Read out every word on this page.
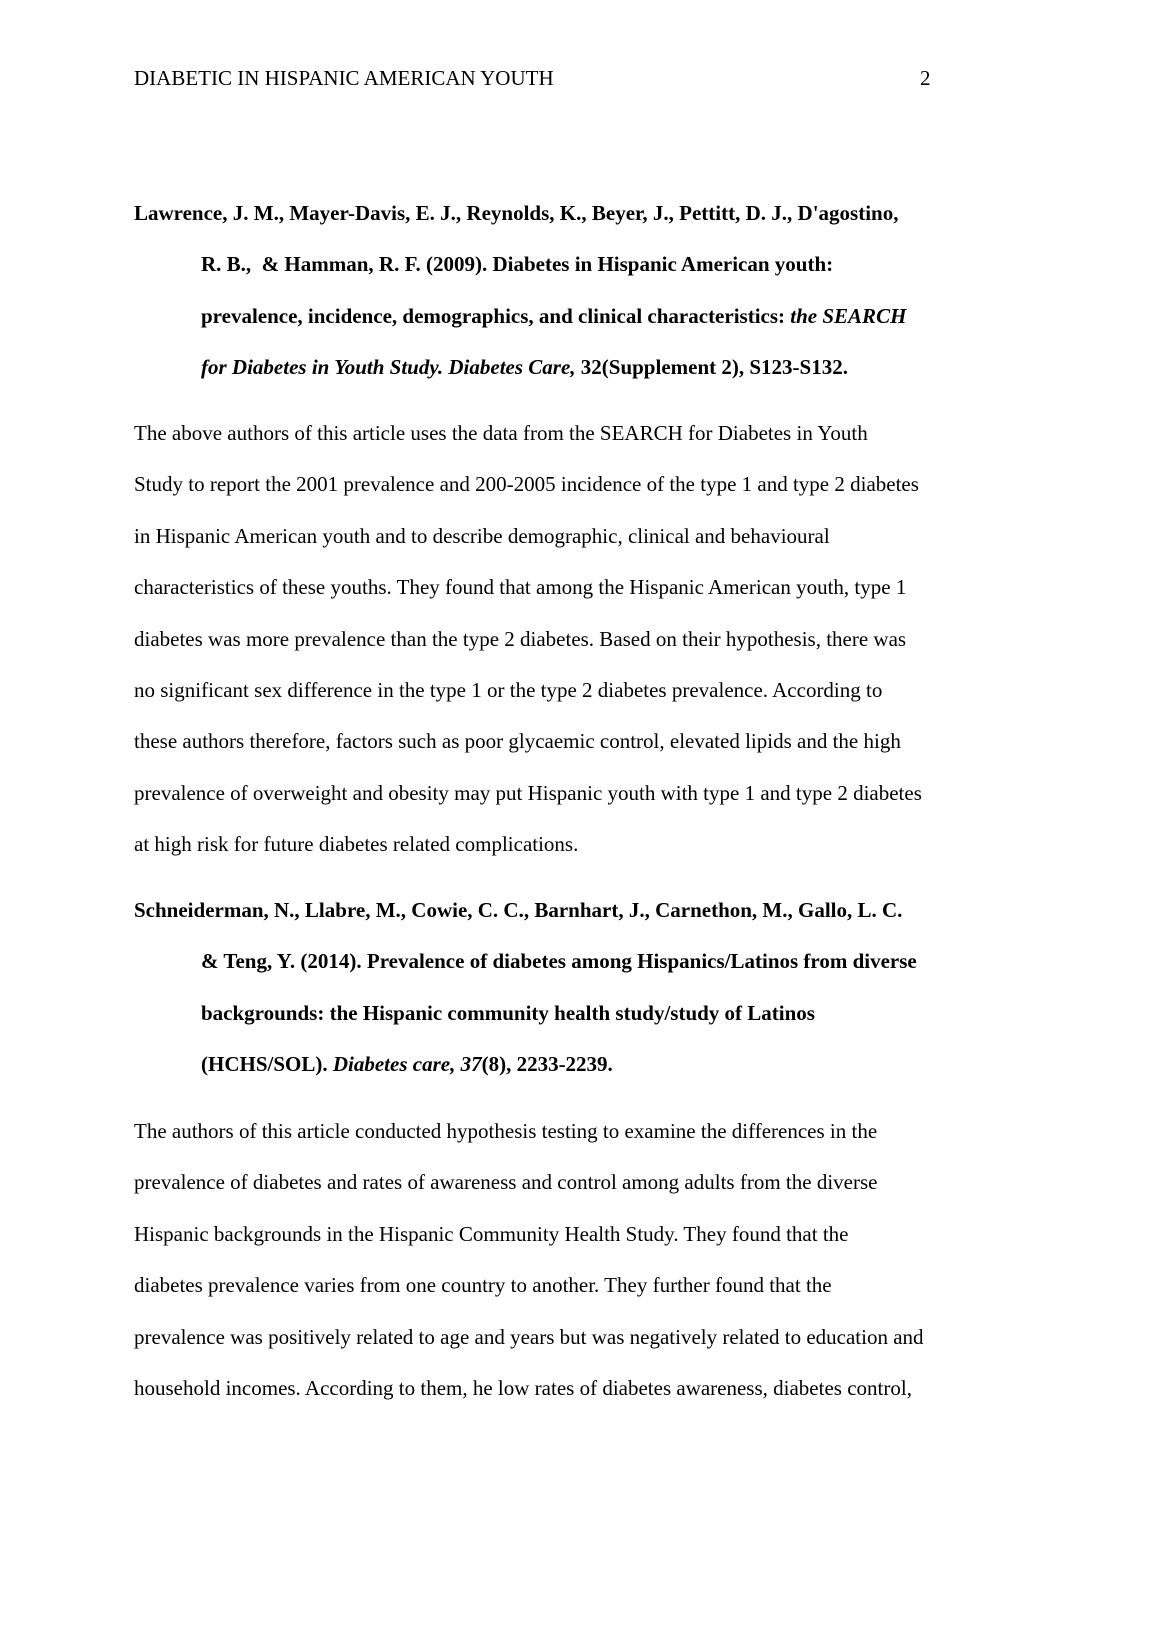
DIABETIC IN HISPANIC AMERICAN YOUTH	2
Lawrence, J. M., Mayer-Davis, E. J., Reynolds, K., Beyer, J., Pettitt, D. J., D'agostino,
R. B.,  & Hamman, R. F. (2009). Diabetes in Hispanic American youth:
prevalence, incidence, demographics, and clinical characteristics: the SEARCH
for Diabetes in Youth Study. Diabetes Care, 32(Supplement 2), S123-S132.
The above authors of this article uses the data from the SEARCH for Diabetes in Youth
Study to report the 2001 prevalence and 200-2005 incidence of the type 1 and type 2 diabetes
in Hispanic American youth and to describe demographic, clinical and behavioural
characteristics of these youths. They found that among the Hispanic American youth, type 1
diabetes was more prevalence than the type 2 diabetes. Based on their hypothesis, there was
no significant sex difference in the type 1 or the type 2 diabetes prevalence. According to
these authors therefore, factors such as poor glycaemic control, elevated lipids and the high
prevalence of overweight and obesity may put Hispanic youth with type 1 and type 2 diabetes
at high risk for future diabetes related complications.
Schneiderman, N., Llabre, M., Cowie, C. C., Barnhart, J., Carnethon, M., Gallo, L. C.
& Teng, Y. (2014). Prevalence of diabetes among Hispanics/Latinos from diverse
backgrounds: the Hispanic community health study/study of Latinos
(HCHS/SOL). Diabetes care, 37(8), 2233-2239.
The authors of this article conducted hypothesis testing to examine the differences in the
prevalence of diabetes and rates of awareness and control among adults from the diverse
Hispanic backgrounds in the Hispanic Community Health Study. They found that the
diabetes prevalence varies from one country to another. They further found that the
prevalence was positively related to age and years but was negatively related to education and
household incomes. According to them, he low rates of diabetes awareness, diabetes control,
